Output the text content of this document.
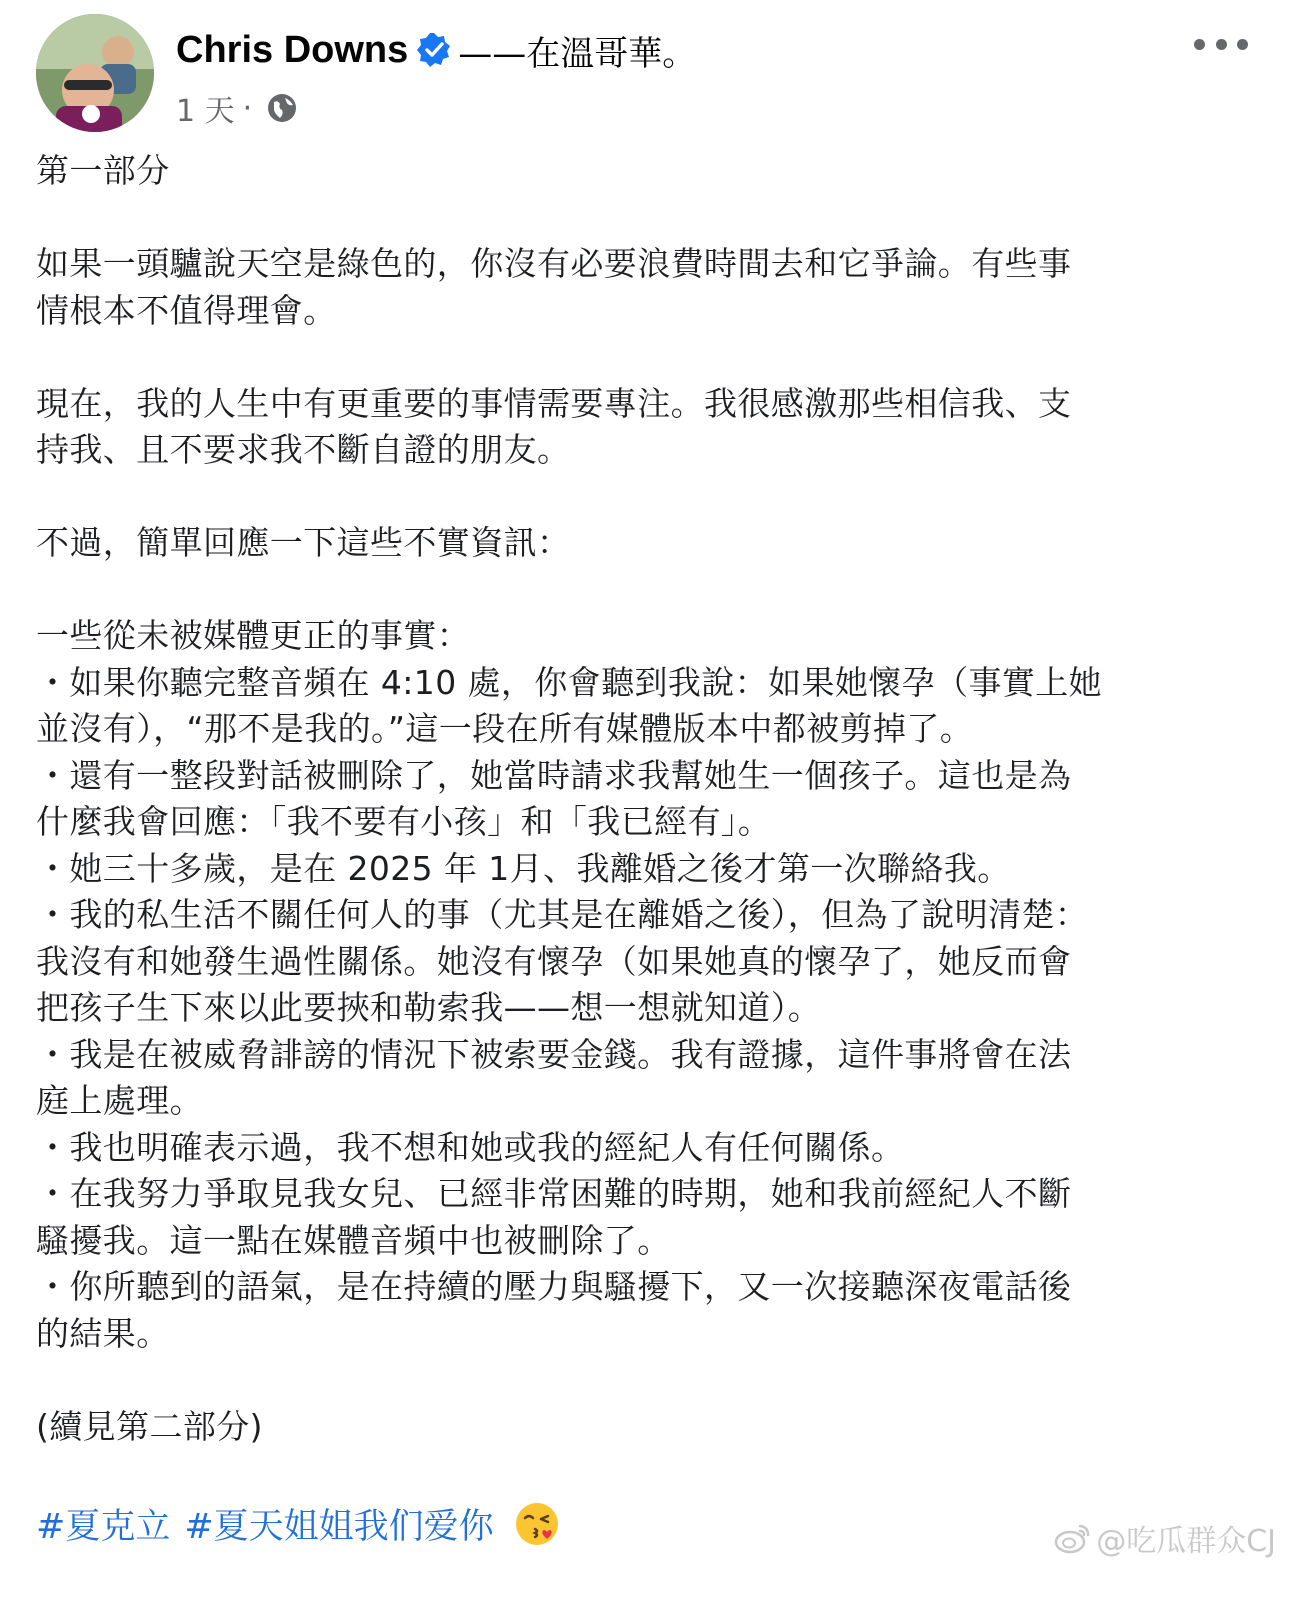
Chris Downs ——在溫哥華。
1 天 ·
第一部分
如果一頭驢說天空是綠色的，你沒有必要浪費時間去和它爭論。有些事
情根本不值得理會。
現在，我的人生中有更重要的事情需要專注。我很感激那些相信我、支
持我、且不要求我不斷自證的朋友。
不過，簡單回應一下這些不實資訊：
一些從未被媒體更正的事實：
・如果你聽完整音頻在 4:10 處，你會聽到我說：如果她懷孕（事實上她
並沒有），“那不是我的。”這一段在所有媒體版本中都被剪掉了。
・還有一整段對話被刪除了，她當時請求我幫她生一個孩子。這也是為
什麼我會回應：「我不要有小孩」和「我已經有」。
・她三十多歲，是在 2025 年 1月、我離婚之後才第一次聯絡我。
・我的私生活不關任何人的事（尤其是在離婚之後），但為了說明清楚：
我沒有和她發生過性關係。她沒有懷孕（如果她真的懷孕了，她反而會
把孩子生下來以此要挾和勒索我——想一想就知道）。
・我是在被威脅誹謗的情況下被索要金錢。我有證據，這件事將會在法
庭上處理。
・我也明確表示過，我不想和她或我的經紀人有任何關係。
・在我努力爭取見我女兒、已經非常困難的時期，她和我前經紀人不斷
騷擾我。這一點在媒體音頻中也被刪除了。
・你所聽到的語氣，是在持續的壓力與騷擾下，又一次接聽深夜電話後
的結果。
(續見第二部分)
#夏克立 #夏天姐姐我们爱你	@吃瓜群众CJ
